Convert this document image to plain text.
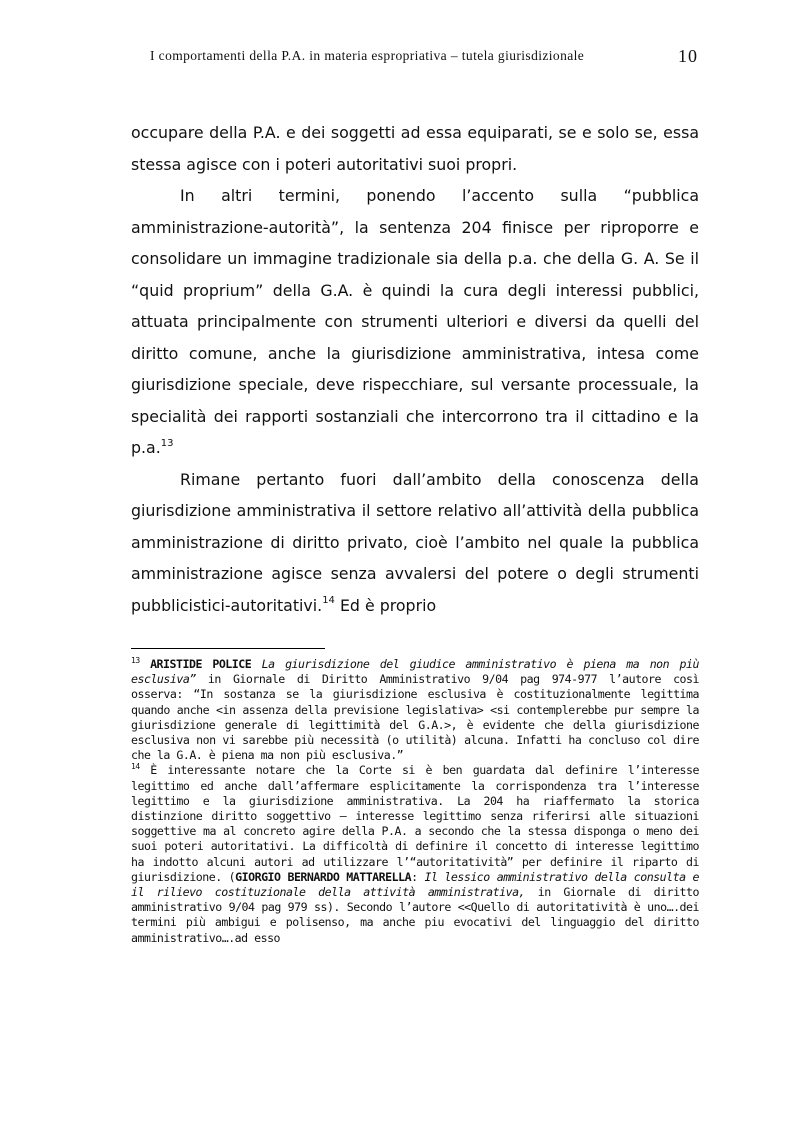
I comportamenti della P.A. in materia espropriativa – tutela giurisdizionale	10

occupare della P.A. e dei soggetti ad essa equiparati, se e solo se, essa stessa agisce con i poteri autoritativi suoi propri.

In altri termini, ponendo l’accento sulla “pubblica amministrazione-autorità”, la sentenza 204 finisce per riproporre e consolidare un immagine tradizionale sia della p.a. che della G. A. Se il “quid proprium” della G.A. è quindi la cura degli interessi pubblici, attuata principalmente con strumenti ulteriori e diversi da quelli del diritto comune, anche la giurisdizione amministrativa, intesa come giurisdizione speciale, deve rispecchiare, sul versante processuale, la specialità dei rapporti sostanziali che intercorrono tra il cittadino e la p.a.$^{13}$

Rimane pertanto fuori dall’ambito della conoscenza della giurisdizione amministrativa il settore relativo all’attività della pubblica amministrazione di diritto privato, cioè l’ambito nel quale la pubblica amministrazione agisce senza avvalersi del potere o degli strumenti pubblicistici-autoritativi.$^{14}$ Ed è proprio

$^{13}$ ARISTIDE POLICE La giurisdizione del giudice amministrativo è piena ma non più esclusiva” in Giornale di Diritto Amministrativo 9/04 pag 974-977 l’autore così osserva: “In sostanza se la giurisdizione esclusiva è costituzionalmente legittima quando anche <in assenza della previsione legislativa> <si contemplerebbe pur sempre la giurisdizione generale di legittimità del G.A.>, è evidente che della giurisdizione esclusiva non vi sarebbe più necessità (o utilità) alcuna. Infatti ha concluso col dire che la G.A. è piena ma non più esclusiva.”

$^{14}$ È interessante notare che la Corte si è ben guardata dal definire l’interesse legittimo ed anche dall’affermare esplicitamente la corrispondenza tra l’interesse legittimo e la giurisdizione amministrativa. La 204 ha riaffermato la storica distinzione diritto soggettivo – interesse legittimo senza riferirsi alle situazioni soggettive ma al concreto agire della P.A. a secondo che la stessa disponga o meno dei suoi poteri autoritativi. La difficoltà di definire il concetto di interesse legittimo ha indotto alcuni autori ad utilizzare l’“autoritatività” per definire il riparto di giurisdizione. (GIORGIO BERNARDO MATTARELLA: Il lessico amministrativo della consulta e il rilievo costituzionale della attività amministrativa, in Giornale di diritto amministrativo 9/04 pag 979 ss). Secondo l’autore <<Quello di autoritatività è uno….dei termini più ambigui e polisenso, ma anche piu evocativi del linguaggio del diritto amministrativo….ad esso
